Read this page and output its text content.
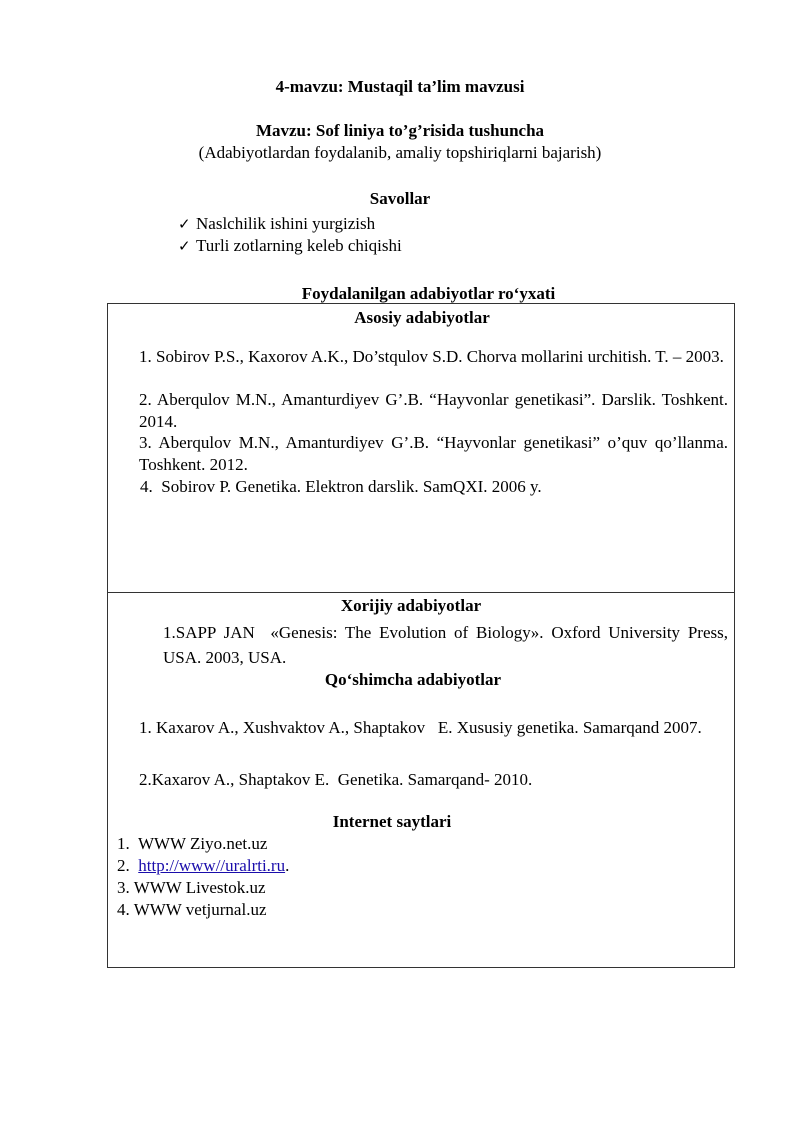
4-mavzu: Mustaqil ta’lim mavzusi
Mavzu: Sof liniya to’g’risida tushuncha
(Adabiyotlardan foydalanib, amaliy topshiriqlarni bajarish)
Savollar
✓ Naslchilik ishini yurgizish
✓ Turli zotlarning keleb chiqishi
Foydalanilgan adabiyotlar ro‘yxati
Asosiy adabiyotlar
1. Sobirov P.S., Kaxorov A.K., Do’stqulov S.D. Chorva mollarini urchitish. T. – 2003.
2. Aberqulov M.N., Amanturdiyev G’.B. “Hayvonlar genetikasi”. Darslik. Toshkent. 2014.
3. Aberqulov M.N., Amanturdiyev G’.B. “Hayvonlar genetikasi” o’quv qo’llanma. Toshkent. 2012.
4.  Sobirov P. Genetika. Elektron darslik. SamQXI. 2006 y.
Xorijiy adabiyotlar
1.SAPP JAN  «Genesis: The Evolution of Biology». Oxford University Press, USA. 2003, USA.
Qo‘shimcha adabiyotlar
1. Kaxarov A., Xushvaktov A., Shaptakov   E. Xususiy genetika. Samarqand 2007.
2.Kaxarov A., Shaptakov E.  Genetika. Samarqand- 2010.
Internet saytlari
1.  WWW Ziyo.net.uz
2.  http://www//uralrti.ru.
3. WWW Livestok.uz
4. WWW vetjurnal.uz
